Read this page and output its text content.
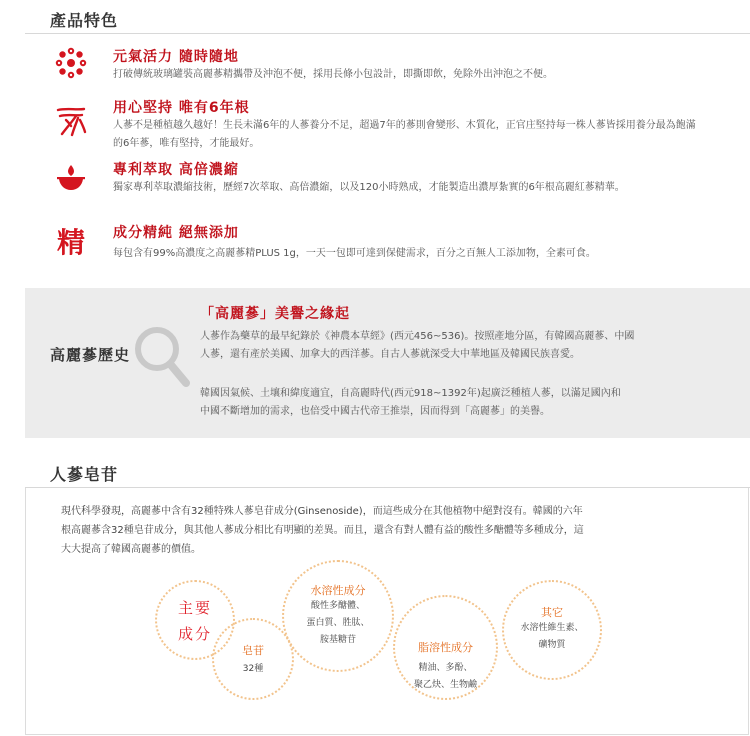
產品特色
元氣活力 隨時隨地
打破傳統玻璃罐裝高麗蔘精攜帶及沖泡不便，採用長條小包設計，即撕即飲，免除外出沖泡之不便。
用心堅持 唯有6年根
人蔘不是種植越久越好！生長未滿6年的人蔘養分不足，超過7年的蔘則會變形、木質化，正官庄堅持每一株人蔘皆採用養分最為飽滿的6年蔘，唯有堅持，才能最好。
專利萃取 高倍濃縮
獨家專利萃取濃縮技術，歷經7次萃取、高倍濃縮，以及120小時熟成，才能製造出濃厚紮實的6年根高麗紅蔘精華。
精 成分精純 絕無添加
每包含有99%高濃度之高麗蔘精PLUS 1g，一天一包即可達到保健需求，百分之百無人工添加物，全素可食。
高麗蔘歷史
「高麗蔘」美譽之緣起
人蔘作為藥草的最早紀錄於《神農本草經》(西元456~536)。按照產地分區，有韓國高麗蔘、中國
人蔘，還有產於美國、加拿大的西洋蔘。自古人蔘就深受大中華地區及韓國民族喜愛。
韓國因氣候、土壤和緯度適宜，自高麗時代(西元918~1392年)起廣泛種植人蔘，以滿足國內和
中國不斷增加的需求，也倍受中國古代帝王推崇，因而得到「高麗蔘」的美譽。
人蔘皂苷
現代科學發現，高麗蔘中含有32種特殊人蔘皂苷成分(Ginsenoside)，而這些成分在其他植物中絕對沒有。韓國的六年
根高麗蔘含32種皂苷成分，與其他人蔘成分相比有明顯的差異。而且，還含有對人體有益的酸性多醣體等多種成分，這
大大提高了韓國高麗蔘的價值。
主要
成分
皂苷
32種
水溶性成分
酸性多醣體、
蛋白質、胜肽、
胺基糖苷
脂溶性成分
精油、多酚、
聚乙炔、生物鹼
其它
水溶性維生素、
礦物質
